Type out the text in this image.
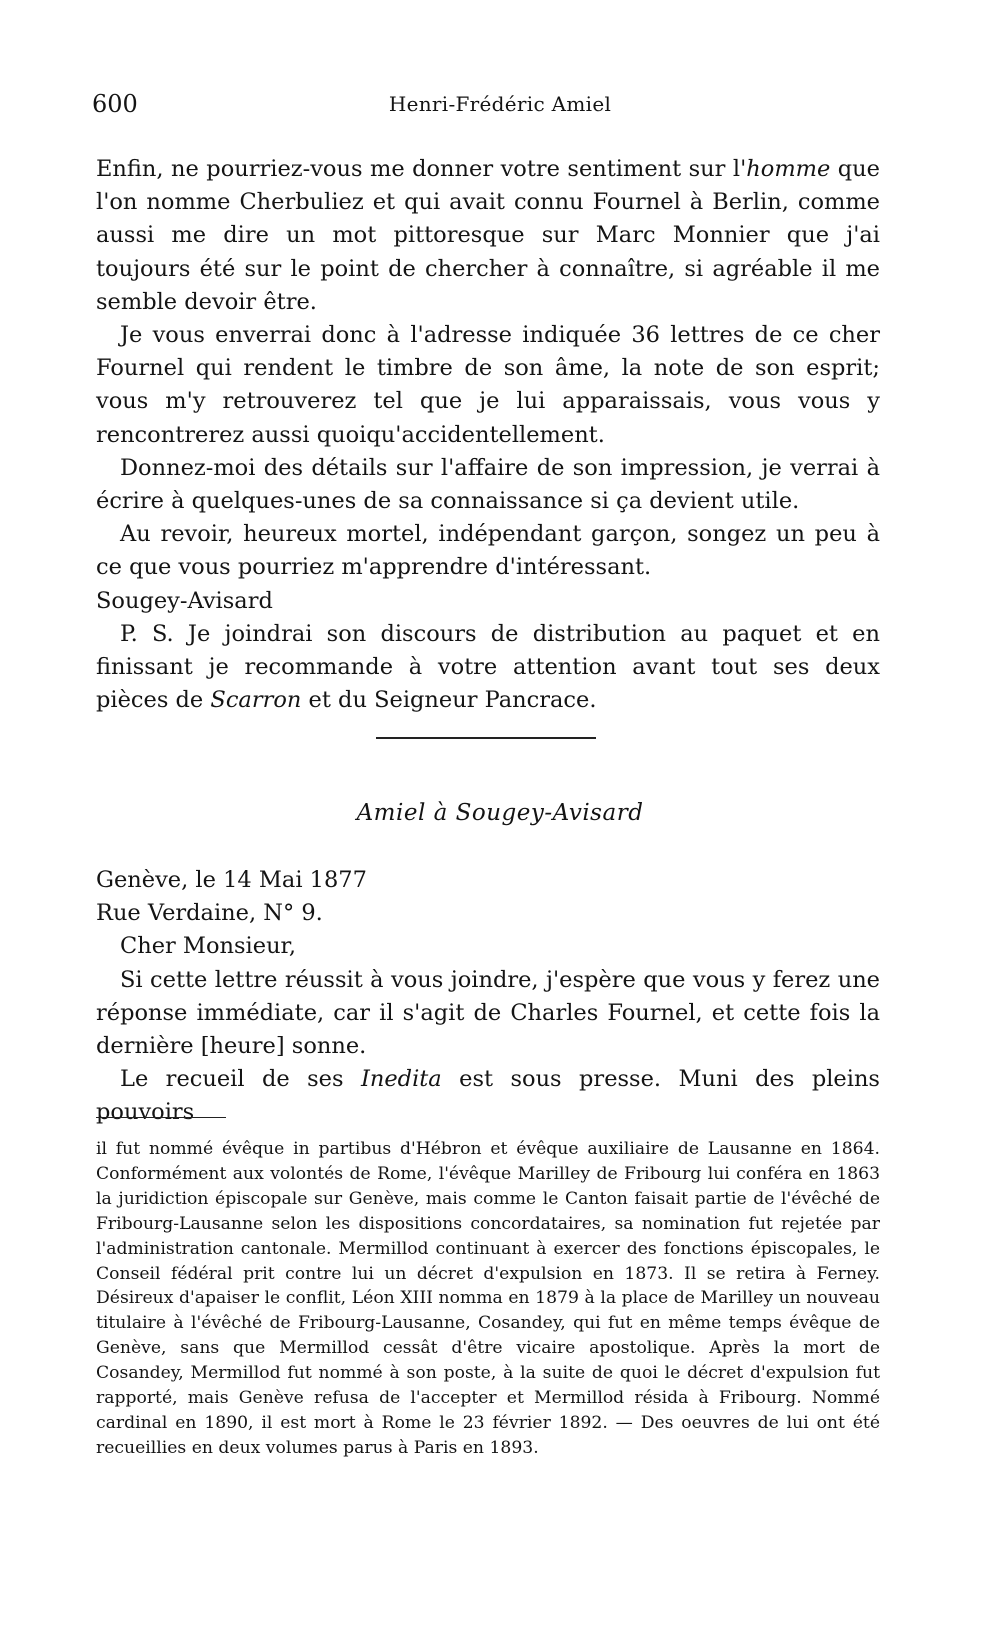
600	Henri-Frédéric Amiel

Enfin, ne pourriez-vous me donner votre sentiment sur l'homme que l'on nomme Cherbuliez et qui avait connu Fournel à Berlin, comme aussi me dire un mot pittoresque sur Marc Monnier que j'ai toujours été sur le point de chercher à connaître, si agréable il me semble devoir être.

Je vous enverrai donc à l'adresse indiquée 36 lettres de ce cher Fournel qui rendent le timbre de son âme, la note de son esprit; vous m'y retrouverez tel que je lui apparaissais, vous vous y rencontrerez aussi quoiqu'accidentellement.

Donnez-moi des détails sur l'affaire de son impression, je verrai à écrire à quelques-unes de sa connaissance si ça devient utile.

Au revoir, heureux mortel, indépendant garçon, songez un peu à ce que vous pourriez m'apprendre d'intéressant.

Sougey-Avisard

P. S. Je joindrai son discours de distribution au paquet et en finissant je recommande à votre attention avant tout ses deux pièces de Scarron et du Seigneur Pancrace.

Amiel à Sougey-Avisard

Genève, le 14 Mai 1877

Rue Verdaine, N° 9.

Cher Monsieur,

Si cette lettre réussit à vous joindre, j'espère que vous y ferez une réponse immédiate, car il s'agit de Charles Fournel, et cette fois la dernière [heure] sonne.

Le recueil de ses Inedita est sous presse. Muni des pleins pouvoirs

il fut nommé évêque in partibus d'Hébron et évêque auxiliaire de Lausanne en 1864. Conformément aux volontés de Rome, l'évêque Marilley de Fribourg lui conféra en 1863 la juridiction épiscopale sur Genève, mais comme le Canton faisait partie de l'évêché de Fribourg-Lausanne selon les dispositions concordataires, sa nomination fut rejetée par l'administration cantonale. Mermillod continuant à exercer des fonctions épiscopales, le Conseil fédéral prit contre lui un décret d'expulsion en 1873. Il se retira à Ferney. Désireux d'apaiser le conflit, Léon XIII nomma en 1879 à la place de Marilley un nouveau titulaire à l'évêché de Fribourg-Lausanne, Cosandey, qui fut en même temps évêque de Genève, sans que Mermillod cessât d'être vicaire apostolique. Après la mort de Cosandey, Mermillod fut nommé à son poste, à la suite de quoi le décret d'expulsion fut rapporté, mais Genève refusa de l'accepter et Mermillod résida à Fribourg. Nommé cardinal en 1890, il est mort à Rome le 23 février 1892. — Des oeuvres de lui ont été recueillies en deux volumes parus à Paris en 1893.
